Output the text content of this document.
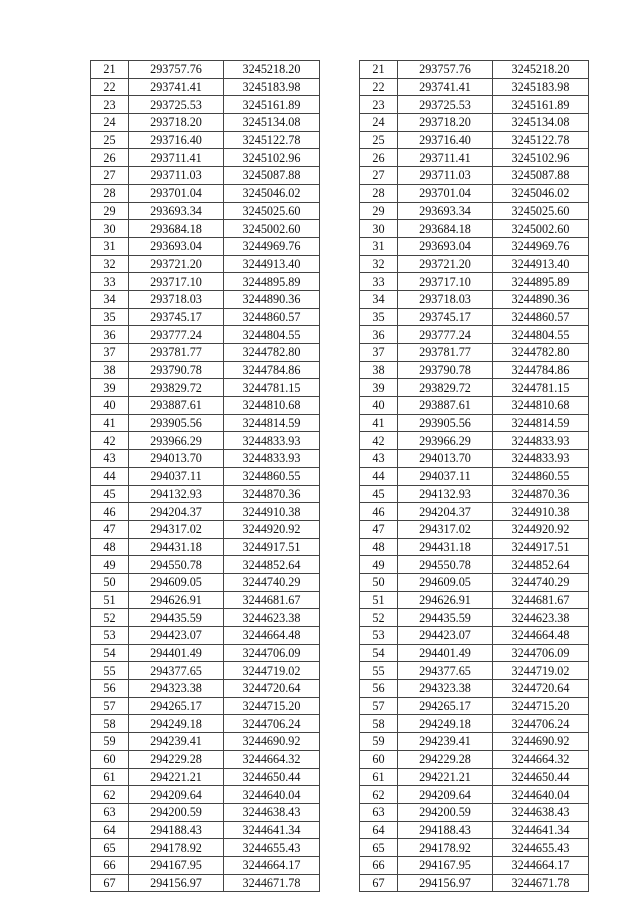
21	293757.76	3245218.20
22	293741.41	3245183.98
23	293725.53	3245161.89
24	293718.20	3245134.08
25	293716.40	3245122.78
26	293711.41	3245102.96
27	293711.03	3245087.88
28	293701.04	3245046.02
29	293693.34	3245025.60
30	293684.18	3245002.60
31	293693.04	3244969.76
32	293721.20	3244913.40
33	293717.10	3244895.89
34	293718.03	3244890.36
35	293745.17	3244860.57
36	293777.24	3244804.55
37	293781.77	3244782.80
38	293790.78	3244784.86
39	293829.72	3244781.15
40	293887.61	3244810.68
41	293905.56	3244814.59
42	293966.29	3244833.93
43	294013.70	3244833.93
44	294037.11	3244860.55
45	294132.93	3244870.36
46	294204.37	3244910.38
47	294317.02	3244920.92
48	294431.18	3244917.51
49	294550.78	3244852.64
50	294609.05	3244740.29
51	294626.91	3244681.67
52	294435.59	3244623.38
53	294423.07	3244664.48
54	294401.49	3244706.09
55	294377.65	3244719.02
56	294323.38	3244720.64
57	294265.17	3244715.20
58	294249.18	3244706.24
59	294239.41	3244690.92
60	294229.28	3244664.32
61	294221.21	3244650.44
62	294209.64	3244640.04
63	294200.59	3244638.43
64	294188.43	3244641.34
65	294178.92	3244655.43
66	294167.95	3244664.17
67	294156.97	3244671.78
21	293757.76	3245218.20
22	293741.41	3245183.98
23	293725.53	3245161.89
24	293718.20	3245134.08
25	293716.40	3245122.78
26	293711.41	3245102.96
27	293711.03	3245087.88
28	293701.04	3245046.02
29	293693.34	3245025.60
30	293684.18	3245002.60
31	293693.04	3244969.76
32	293721.20	3244913.40
33	293717.10	3244895.89
34	293718.03	3244890.36
35	293745.17	3244860.57
36	293777.24	3244804.55
37	293781.77	3244782.80
38	293790.78	3244784.86
39	293829.72	3244781.15
40	293887.61	3244810.68
41	293905.56	3244814.59
42	293966.29	3244833.93
43	294013.70	3244833.93
44	294037.11	3244860.55
45	294132.93	3244870.36
46	294204.37	3244910.38
47	294317.02	3244920.92
48	294431.18	3244917.51
49	294550.78	3244852.64
50	294609.05	3244740.29
51	294626.91	3244681.67
52	294435.59	3244623.38
53	294423.07	3244664.48
54	294401.49	3244706.09
55	294377.65	3244719.02
56	294323.38	3244720.64
57	294265.17	3244715.20
58	294249.18	3244706.24
59	294239.41	3244690.92
60	294229.28	3244664.32
61	294221.21	3244650.44
62	294209.64	3244640.04
63	294200.59	3244638.43
64	294188.43	3244641.34
65	294178.92	3244655.43
66	294167.95	3244664.17
67	294156.97	3244671.78
